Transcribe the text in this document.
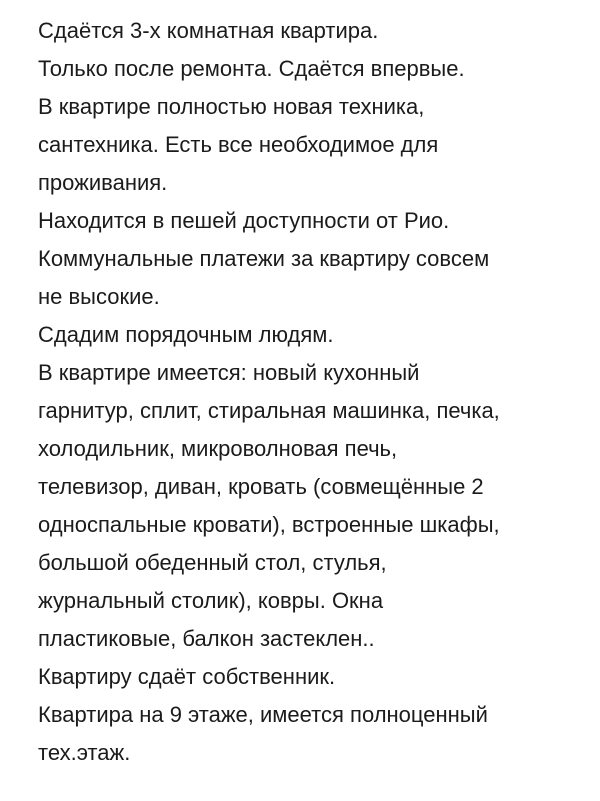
Сдаётся 3-х комнатная квартира.
Только после ремонта. Сдаётся впервые.
В квартире полностью новая техника,
сантехника. Есть все необходимое для
проживания.
Находится в пешей доступности от Рио.
Коммунальные платежи за квартиру совсем
не высокие.
Сдадим порядочным людям.
В квартире имеется: новый кухонный
гарнитур, сплит, стиральная машинка, печка,
холодильник, микроволновая печь,
телевизор, диван, кровать (совмещённые 2
односпальные кровати), встроенные шкафы,
большой обеденный стол, стулья,
журнальный столик), ковры. Окна
пластиковые, балкон застеклен..
Квартиру сдаёт собственник.
Квартира на 9 этаже, имеется полноценный
тех.этаж.
